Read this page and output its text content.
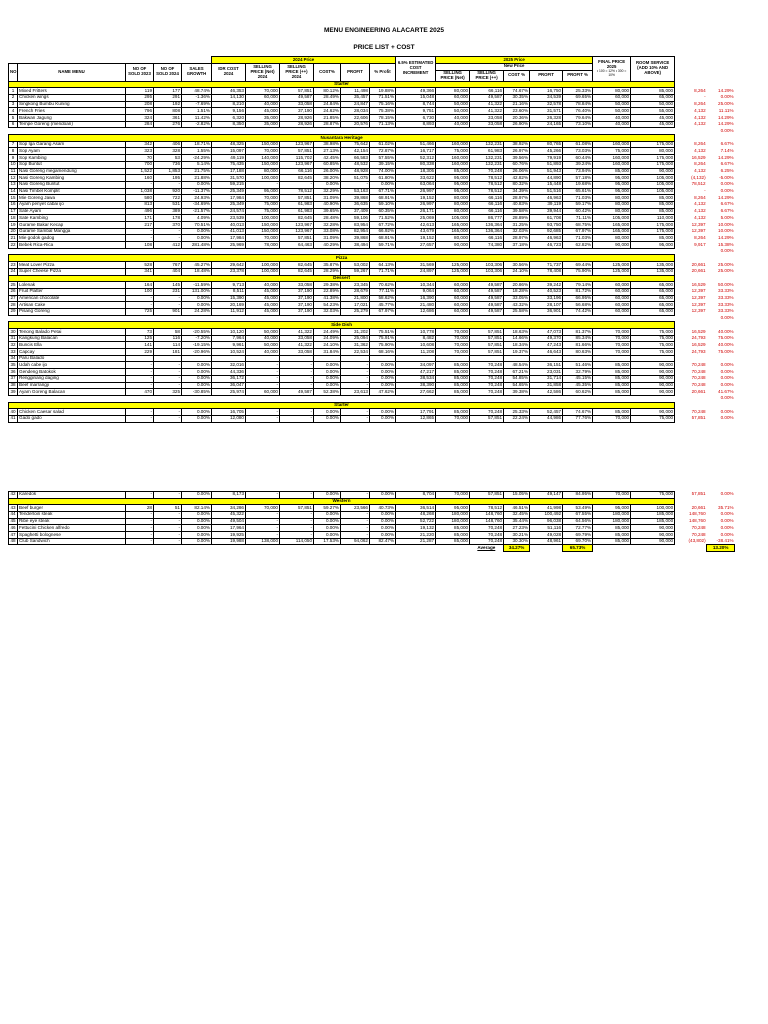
MENU ENGINEERING ALACARTE 2025
PRICE LIST + COST
					2024 Price						6.5% ESTIMATED COST INCREMENT	2025 Price					FINAL PRICE 2025
• 100 = 12% • 300 = 10%	ROOM SERVICE (ADD 10% AND ABOVE)		
NO	NAME MENU	NO OF SOLD 2023	NO OF SOLD 2024	SALES GROWTH	IDR COST 2024	SELLING PRICE (Net) 2024	SELLING PRICE (++) 2024	COST%	PROFIT	% Profit		New Price								
												SELLING PRICE (Net)	SELLING PRICE (++)	COST %	PROFIT	PROFIT %				
Starter																				
1	Mixed Fritters	119	177	48.74%	46,353	70,000	57,851	80.12%	11,498	19.88%	49,366	80,000	66,116	74.67%	16,750	25.33%	80,000	85,000	8,264	14.29%
2	Chicken wings	295	291	-1.36%	14,130	60,000	49,587	28.49%	35,457	71.51%	15,048	60,000	49,587	30.35%	34,539	69.65%	60,000	65,000	-	0.00%
3	Singkong Bumbu Kuning	208	192	-7.69%	8,210	40,000	33,058	24.84%	24,847	75.16%	8,744	50,000	41,322	21.16%	32,578	78.84%	50,000	50,000	8,264	25.00%
4	French Fries	796	808	1.51%	9,156	45,000	37,190	24.62%	28,034	75.38%	9,751	50,000	41,322	23.60%	31,571	76.40%	50,000	55,000	4,132	11.11%
5	Bakwan Jagung	324	361	11.42%	6,320	35,000	28,926	21.85%	22,606	78.15%	6,730	40,000	33,058	20.36%	26,328	79.64%	40,000	45,000	4,132	14.29%
6	Tempe Goreng (mendoan)	284	276	-2.82%	8,350	35,000	28,926	28.87%	20,576	71.13%	8,893	40,000	33,058	26.90%	24,165	73.10%	40,000	45,000	4,132	14.29%
																				0.00%
Nusantara Heritage																				
7	Sop Iga Garang Asam	342	406	18.71%	48,325	150,000	123,967	38.98%	75,642	61.02%	51,466	160,000	132,231	38.92%	80,765	61.08%	160,000	175,000	8,264	6.67%
8	Sop Ayam	323	328	1.55%	15,097	70,000	57,851	27.13%	42,154	72.87%	16,717	75,000	61,983	26.97%	45,266	73.03%	75,000	80,000	4,132	7.14%
9	Sop Kambing	70	53	-24.29%	49,119	140,000	115,702	42.45%	66,583	57.55%	52,312	160,000	132,231	39.56%	79,919	60.44%	160,000	175,000	16,529	14.29%
10	Sop Buntut	700	736	5.14%	75,435	150,000	123,967	60.85%	48,532	39.15%	80,338	160,000	132,231	60.76%	51,893	39.24%	160,000	175,000	8,264	6.67%
11	Nasi Goreng megamendung	1,522	1,853	21.75%	17,188	80,000	66,116	26.00%	48,928	74.00%	18,305	85,000	70,248	26.06%	51,943	73.94%	85,000	90,000	4,132	6.25%
12	Nasi Goreng Kambing	160	195	21.88%	31,570	100,000	82,645	38.20%	51,075	61.80%	33,622	95,000	78,512	42.82%	44,890	57.18%	95,000	105,000	(4,132)	-5.00%
13	Nasi Goreng Buntut	-	-	0.00%	59,215	-	-	0.00%	-	0.00%	63,064	95,000	78,512	80.32%	15,448	19.68%	95,000	105,000	78,512	0.00%
14	Nasi Timbel Komplit	1,038	920	-11.37%	25,349	95,000	78,512	32.29%	53,163	67.71%	26,997	95,000	78,512	34.39%	51,516	65.61%	95,000	105,000	-	0.00%
15	Mie Goreng Jawa	580	722	24.93%	17,984	70,000	57,851	31.09%	39,868	68.91%	19,152	80,000	66,116	28.97%	46,963	71.03%	80,000	85,000	8,264	14.29%
16	Ayam penyet cabai ijo	813	531	-34.69%	25,349	75,000	61,983	40.90%	36,635	59.10%	26,997	80,000	66,116	40.83%	39,119	59.17%	80,000	85,000	4,132	6.67%
17	Sate Ayam	496	389	-21.57%	24,574	75,000	61,983	39.65%	37,409	60.35%	26,171	80,000	66,116	39.58%	39,944	60.42%	80,000	85,000	4,132	6.67%
18	Sate Kambing	171	178	4.09%	23,539	100,000	82,645	28.48%	59,106	71.52%	25,069	105,000	86,777	28.89%	61,708	71.11%	105,000	110,000	4,132	5.00%
19	Gurame Bakar Kecap	217	370	70.51%	40,013	150,000	123,967	32.28%	83,954	67.72%	42,613	165,000	136,364	31.25%	93,750	68.75%	165,000	175,000	12,397	10.00%
20	Gurame Sambal Mangga	-	-	0.00%	41,013	150,000	123,967	33.08%	82,954	66.92%	43,679	165,000	136,364	32.03%	92,685	67.97%	165,000	175,000	12,397	10.00%
21	Mie godok gadog	-	-	0.00%	17,984	70,000	57,851	31.09%	39,868	68.91%	19,152	80,000	66,116	28.97%	46,963	71.03%	80,000	85,000	8,264	14.29%
22	Bebek Rica-Rica	108	412	281.48%	25,969	78,000	64,463	40.29%	38,494	59.71%	27,657	90,000	74,380	37.18%	46,723	62.82%	90,000	95,000	9,917	15.38%
																				0.00%
Pizza																				
23	Meat Lover Pizza	528	767	45.27%	29,642	100,000	82,645	35.87%	53,002	64.13%	31,569	125,000	103,306	30.56%	71,737	69.44%	125,000	135,000	20,661	25.00%
24	Super Cheese Pizza	341	404	18.48%	23,378	100,000	82,645	28.29%	59,267	71.71%	24,897	125,000	103,306	24.10%	78,408	75.90%	125,000	135,000	20,661	25.00%
Dessert																				
25	Lolenak	164	145	-11.59%	9,713	40,000	33,058	29.38%	23,345	70.62%	10,344	60,000	49,587	20.86%	39,242	79.14%	60,000	65,000	16,529	50.00%
26	Fruit Platter	100	231	131.00%	8,511	45,000	37,190	22.89%	28,679	77.11%	9,064	60,000	49,587	18.28%	40,523	81.72%	60,000	65,000	12,397	33.33%
27	American chocolate	-	-	0.00%	15,390	45,000	37,190	41.38%	21,800	58.62%	16,390	60,000	49,587	33.05%	33,196	66.95%	60,000	65,000	12,397	33.33%
28	Artisan Cake	-	-	0.00%	20,169	45,000	37,190	54.23%	17,021	45.77%	21,480	60,000	49,587	43.32%	28,107	56.68%	60,000	65,000	12,397	33.33%
29	Pisang Goreng	725	901	24.28%	11,912	45,000	37,190	32.03%	25,279	67.97%	12,686	60,000	49,587	25.58%	36,901	74.42%	60,000	65,000	12,397	33.33%
																				0.00%
Side Dish																				
30	Tenong Balado Petai	73	58	-20.55%	10,120	50,000	41,322	24.49%	31,202	75.51%	10,778	70,000	57,851	18.63%	47,073	81.37%	70,000	75,000	16,529	40.00%
31	Kangkung Balacan	125	116	-7.20%	7,964	40,000	33,058	24.09%	25,094	75.91%	8,482	70,000	57,851	14.66%	49,370	85.34%	70,000	75,000	24,793	75.00%
32	Buncis Ella	141	114	-19.15%	9,961	50,000	41,322	24.10%	31,362	75.90%	10,608	70,000	57,851	18.34%	47,243	81.66%	70,000	75,000	16,529	40.00%
33	Capcay	229	181	-20.96%	10,524	40,000	33,058	31.84%	22,534	68.16%	11,208	70,000	57,851	19.37%	46,643	80.63%	70,000	75,000	24,793	75.00%
34	Paru Balado																			
35	Udah cabe ijo	-	-	0.00%	32,016	-	-	0.00%	-	0.00%	34,097	85,000	70,248	48.54%	36,151	51.46%	85,000	90,000	70,248	0.00%
36	Gendeng Batokok	-	-	0.00%	44,336	-	-	0.00%	-	0.00%	47,217	85,000	70,248	67.21%	23,031	32.79%	85,000	90,000	70,248	0.00%
37	Rengginang daging	-	-	0.00%	36,172	-	-	0.00%	-	0.00%	38,534	85,000	70,248	54.85%	31,714	45.15%	85,000	90,000	70,248	0.00%
38	Beef marrangji	-	-	0.00%	36,047	-	-	0.00%	-	0.00%	38,390	85,000	70,248	54.65%	31,858	45.35%	85,000	90,000	70,248	0.00%
39	Ayam Goreng Balacan	470	325	-30.85%	25,974	60,000	49,587	52.38%	23,613	47.62%	27,662	85,000	70,248	39.38%	42,586	60.62%	85,000	90,000	20,661	41.67%
																				0.00%
Starter																				
40	Chicken Caesar salad	-	-	0.00%	16,705	-	-	0.00%	-	0.00%	17,791	85,000	70,248	25.33%	52,457	74.67%	85,000	90,000	70,248	0.00%
41	Gado gado	-	-	0.00%	12,080	-	-	0.00%	-	0.00%	12,865	70,000	57,851	22.24%	44,986	77.76%	70,000	75,000	57,851	0.00%

42	Karedok	-	-	0.00%	8,173	-	-	0.00%	-	0.00%	8,704	70,000	57,851	15.05%	49,147	84.95%	70,000	75,000	57,851	0.00%
Western																				
43	Beef burger	28	51	82.14%	34,286	70,000	57,851	59.27%	23,566	40.73%	36,514	95,000	78,512	46.51%	41,998	53.49%	95,000	100,000	20,661	35.71%
44	Tenderloin steak	-	-	0.00%	45,322	-	-	0.00%	-	0.00%	48,268	180,000	148,760	32.45%	100,492	67.55%	180,000	185,000	148,760	0.00%
45	Ribe eye steak	-	-	0.00%	49,504	-	-	0.00%	-	0.00%	52,722	180,000	148,760	35.44%	96,038	64.56%	180,000	185,000	148,760	0.00%
46	Fettucini Chicken alfredo	-	-	0.00%	17,964	-	-	0.00%	-	0.00%	19,132	85,000	70,248	27.23%	51,116	72.77%	85,000	90,000	70,248	0.00%
47	Spaghetti bolognese	-	-	0.00%	19,925	-	-	0.00%	-	0.00%	21,220	85,000	70,248	30.21%	49,028	69.79%	85,000	90,000	70,248	0.00%
48	Club Sandwich	-	-	0.00%	19,988	138,000	114,050	17.53%	94,062	82.47%	21,287	85,000	70,248	30.30%	48,961	69.70%	85,000	90,000	(43,802)	-38.41%
													Average	34.27%		65.73%				13.20%
